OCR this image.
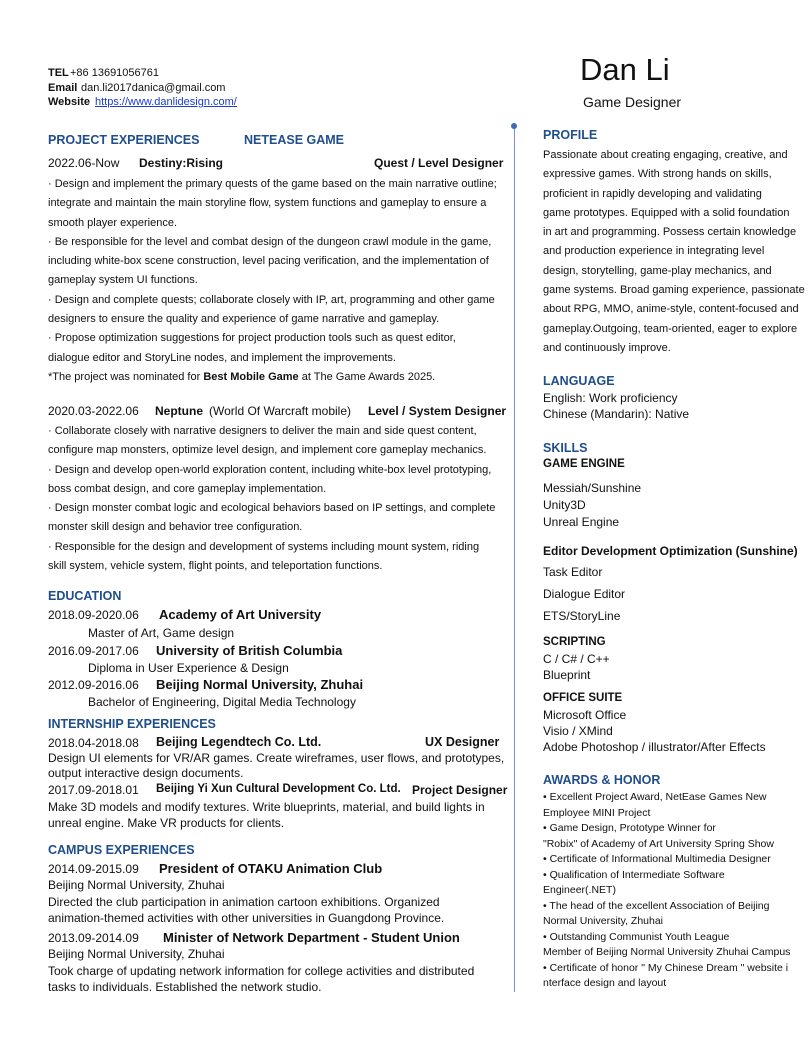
TEL+86 13691056761
Email dan.li2017danica@gmail.com
Website https://www.danlidesign.com/
Dan Li
Game Designer
PROJECT EXPERIENCES	NETEASE GAME
2022.06-Now Destiny:Rising	Quest / Level Designer
· Design and implement the primary quests of the game based on the main narrative outline;
integrate and maintain the main storyline flow, system functions and gameplay to ensure a
smooth player experience.
· Be responsible for the level and combat design of the dungeon crawl module in the game,
including white-box scene construction, level pacing verification, and the implementation of
gameplay system UI functions.
· Design and complete quests; collaborate closely with IP, art, programming and other game
designers to ensure the quality and experience of game narrative and gameplay.
· Propose optimization suggestions for project production tools such as quest editor,
dialogue editor and StoryLine nodes, and implement the improvements.
*The project was nominated for Best Mobile Game at The Game Awards 2025.
2020.03-2022.06 Neptune (World Of Warcraft mobile) Level / System Designer
· Collaborate closely with narrative designers to deliver the main and side quest content,
configure map monsters, optimize level design, and implement core gameplay mechanics.
· Design and develop open-world exploration content, including white-box level prototyping,
boss combat design, and core gameplay implementation.
· Design monster combat logic and ecological behaviors based on IP settings, and complete
monster skill design and behavior tree configuration.
· Responsible for the design and development of systems including mount system, riding
skill system, vehicle system, flight points, and teleportation functions.
EDUCATION
2018.09-2020.06 Academy of Art University
Master of Art, Game design
2016.09-2017.06 University of British Columbia
Diploma in User Experience & Design
2012.09-2016.06 Beijing Normal University, Zhuhai
Bachelor of Engineering, Digital Media Technology
INTERNSHIP EXPERIENCES
2018.04-2018.08 Beijing Legendtech Co. Ltd.	UX Designer
Design UI elements for VR/AR games. Create wireframes, user flows, and prototypes,
output interactive design documents.
2017.09-2018.01 Beijing Yi Xun Cultural Development Co. Ltd. Project Designer
Make 3D models and modify textures. Write blueprints, material, and build lights in
unreal engine. Make VR products for clients.
CAMPUS EXPERIENCES
2014.09-2015.09 President of OTAKU Animation Club
Beijing Normal University, Zhuhai
Directed the club participation in animation cartoon exhibitions. Organized
animation-themed activities with other universities in Guangdong Province.
2013.09-2014.09 Minister of Network Department - Student Union
Beijing Normal University, Zhuhai
Took charge of updating network information for college activities and distributed
tasks to individuals. Established the network studio.
PROFILE
Passionate about creating engaging, creative, and
expressive games. With strong hands on skills,
proficient in rapidly developing and validating
game prototypes. Equipped with a solid foundation
in art and programming. Possess certain knowledge
and production experience in integrating level
design, storytelling, game-play mechanics, and
game systems. Broad gaming experience, passionate
about RPG, MMO, anime-style, content-focused and
gameplay.Outgoing, team-oriented, eager to explore
and continuously improve.
LANGUAGE
English: Work proficiency
Chinese (Mandarin): Native
SKILLS
GAME ENGINE
Messiah/Sunshine
Unity3D
Unreal Engine
Editor Development Optimization (Sunshine)
Task Editor
Dialogue Editor
ETS/StoryLine
SCRIPTING
C / C# / C++
Blueprint
OFFICE SUITE
Microsoft Office
Visio / XMind
Adobe Photoshop / illustrator/After Effects
AWARDS & HONOR
• Excellent Project Award, NetEase Games New
Employee MINI Project
• Game Design, Prototype Winner for
"Robix" of Academy of Art University Spring Show
• Certificate of Informational Multimedia Designer
• Qualification of Intermediate Software
Engineer(.NET)
• The head of the excellent Association of Beijing
Normal University, Zhuhai
• Outstanding Communist Youth League
Member of Beijing Normal University Zhuhai Campus
• Certificate of honor " My Chinese Dream " website i
nterface design and layout
